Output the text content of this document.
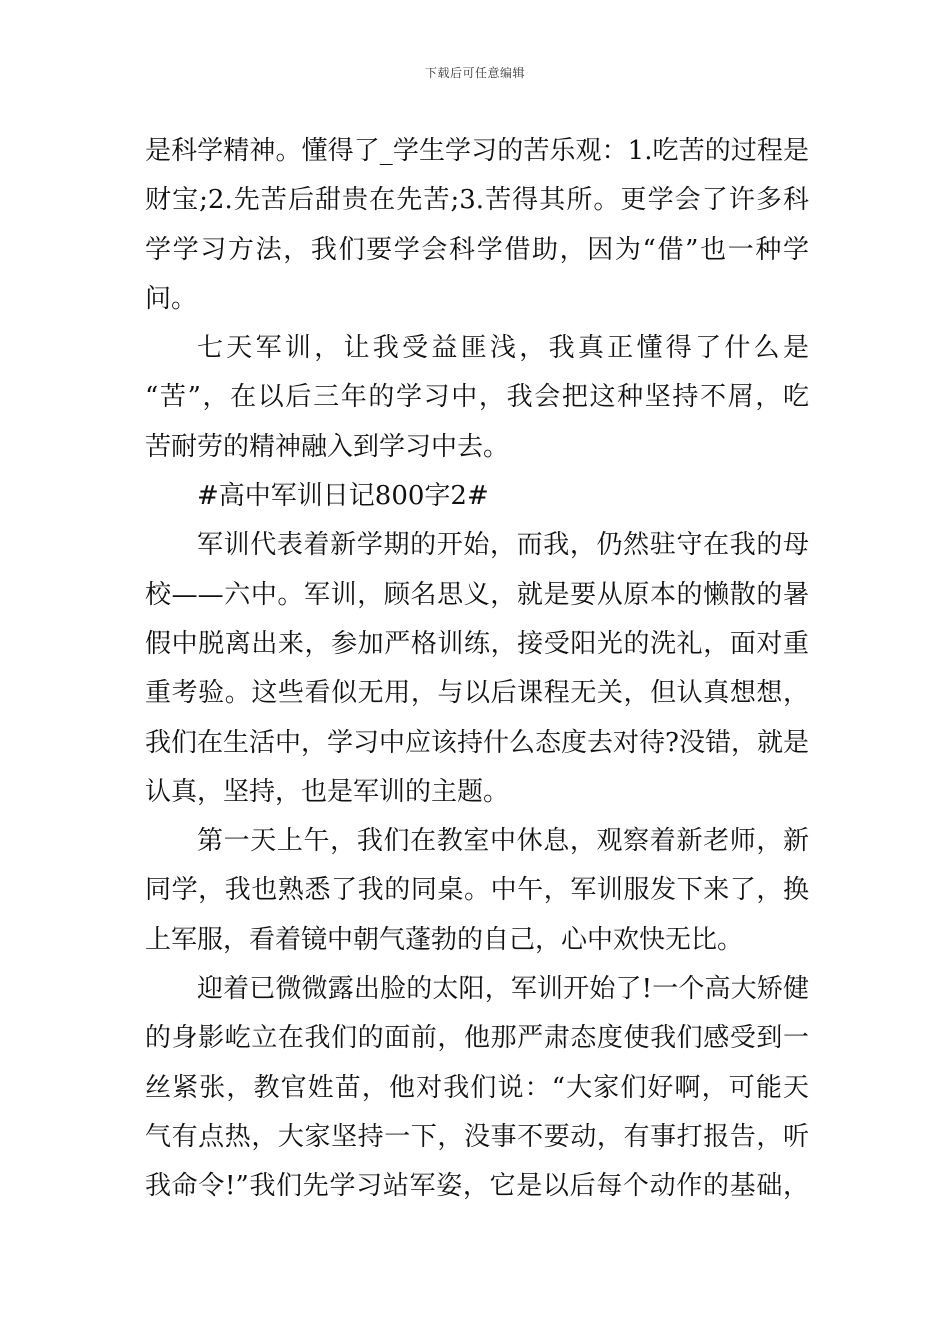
下载后可任意编辑
是科学精神。懂得了_学生学习的苦乐观：1.吃苦的过程是
财宝;2.先苦后甜贵在先苦;3.苦得其所。更学会了许多科
学学习方法，我们要学会科学借助，因为“借”也一种学
问。
七天军训，让我受益匪浅，我真正懂得了什么是
“苦”，在以后三年的学习中，我会把这种坚持不屑，吃
苦耐劳的精神融入到学习中去。
#高中军训日记800字2#
军训代表着新学期的开始，而我，仍然驻守在我的母
校——六中。军训，顾名思义，就是要从原本的懒散的暑
假中脱离出来，参加严格训练，接受阳光的洗礼，面对重
重考验。这些看似无用，与以后课程无关，但认真想想，
我们在生活中，学习中应该持什么态度去对待?没错，就是
认真，坚持，也是军训的主题。
第一天上午，我们在教室中休息，观察着新老师，新
同学，我也熟悉了我的同桌。中午，军训服发下来了，换
上军服，看着镜中朝气蓬勃的自己，心中欢快无比。
迎着已微微露出脸的太阳，军训开始了!一个高大矫健
的身影屹立在我们的面前，他那严肃态度使我们感受到一
丝紧张，教官姓苗，他对我们说：“大家们好啊，可能天
气有点热，大家坚持一下，没事不要动，有事打报告，听
我命令!”我们先学习站军姿，它是以后每个动作的基础，
